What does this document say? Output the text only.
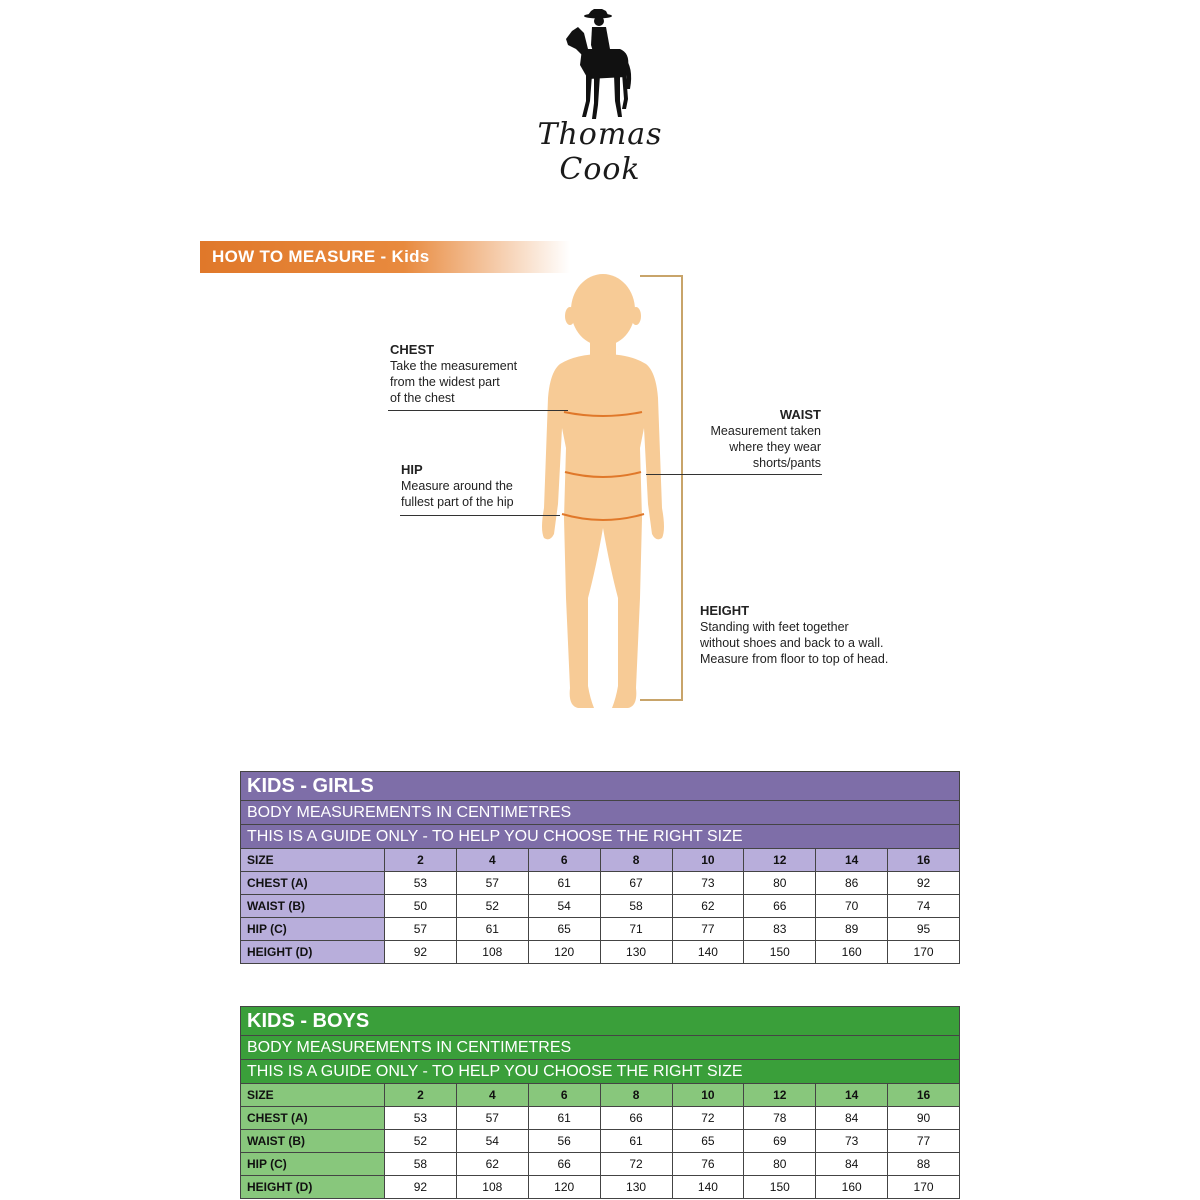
Thomas Cook
HOW TO MEASURE - Kids
CHEST
Take the measurement
from the widest part
of the chest
HIP
Measure around the
fullest part of the hip
WAIST
Measurement taken
where they wear
shorts/pants
HEIGHT
Standing with feet together
without shoes and back to a wall.
Measure from floor to top of head.
KIDS - GIRLS								
BODY MEASUREMENTS IN CENTIMETRES								
THIS IS A GUIDE ONLY - TO HELP YOU CHOOSE THE RIGHT SIZE								
SIZE	2	4	6	8	10	12	14	16
CHEST (A)	53	57	61	67	73	80	86	92
WAIST (B)	50	52	54	58	62	66	70	74
HIP (C)	57	61	65	71	77	83	89	95
HEIGHT (D)	92	108	120	130	140	150	160	170
KIDS - BOYS								
BODY MEASUREMENTS IN CENTIMETRES								
THIS IS A GUIDE ONLY - TO HELP YOU CHOOSE THE RIGHT SIZE								
SIZE	2	4	6	8	10	12	14	16
CHEST (A)	53	57	61	66	72	78	84	90
WAIST (B)	52	54	56	61	65	69	73	77
HIP (C)	58	62	66	72	76	80	84	88
HEIGHT (D)	92	108	120	130	140	150	160	170
